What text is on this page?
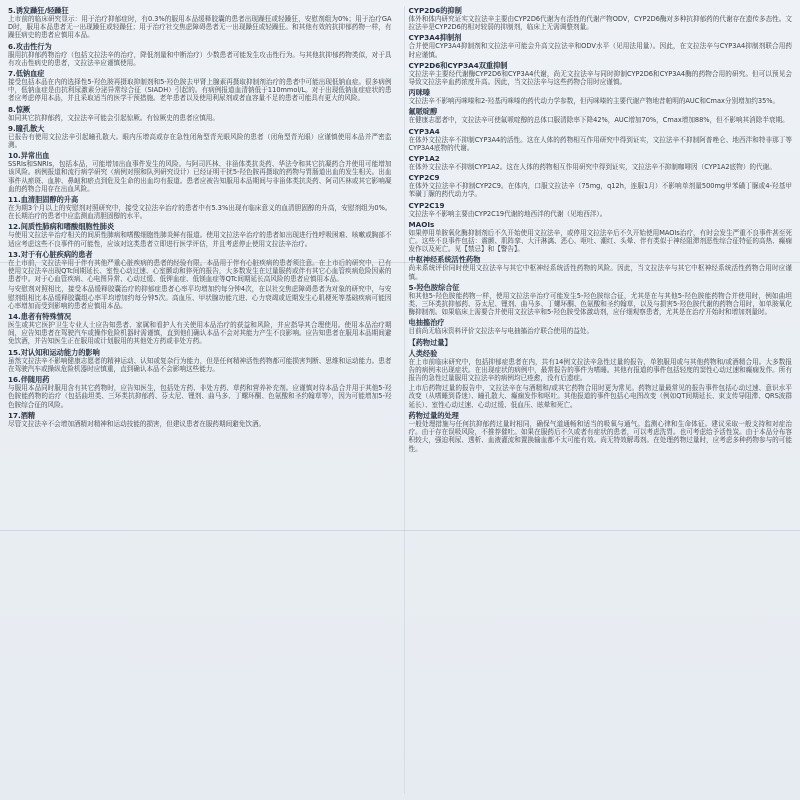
5.诱发躁狂/轻躁狂

上市前的临床研究显示：用于治疗抑郁症时，有0.3%的服用本品缓释胶囊的患者出现躁狂或轻躁狂，安慰剂组为0%；用于治疗GAD时，服用本品患者无一出现躁狂或轻躁狂；用于治疗社交焦虑障碍患者无一出现躁狂或轻躁狂。和其他有效的抗抑郁药物一样，有躁狂病史的患者应慎用本品。

6.攻击性行为

服用抗抑郁药物治疗（包括文拉法辛的治疗，降低剂量和中断治疗）少数患者可能发生攻击性行为。与其他抗抑郁药物类似，对于具有攻击性病史的患者，文拉法辛应谨慎使用。

7.低钠血症

接受包括本品在内的选择性5-羟色胺再摄取抑制剂和5-羟色胺去甲肾上腺素再摄取抑制剂治疗的患者中可能出现低钠血症。很多病例中，低钠血症是由抗利尿激素分泌异常综合征（SIADH）引起的。有病例报道血清钠低于110mmol/L。对于出现低钠血症症状的患者应考虑停用本品，并且采取适当的医学干预措施。老年患者以及使用利尿剂或者血容量不足的患者可能具有更大的风险。

8.惊厥

如同其它抗抑郁药，文拉法辛可能会引起惊厥。有惊厥史的患者应慎用。

9.瞳孔散大

已报告有使用文拉法辛引起瞳孔散大。眼内压增高或存在急性闭角型青光眼风险的患者（闭角型青光眼）应谨慎使用本品并严密监测。

10.异常出血

SSRIs和SNRIs，包括本品，可能增加出血事件发生的风险。与阿司匹林、非甾体类抗炎药、华法令和其它抗凝药合并使用可能增加该风险。病例报道和流行病学研究（病例对照和队列研究设计）已经证明干扰5-羟色胺再摄取的药物与胃肠道出血的发生相关。出血事件从瘀斑、血肿、鼻衄和瘀点到危及生命的出血均有报道。患者应被告知服用本品期间与非甾体类抗炎药、阿司匹林或其它影响凝血的药物合用存在出血风险。

11.血清胆固醇的升高

在为期3个月以上的安慰剂对照研究中，接受文拉法辛治疗的患者中有5.3%出现有临床意义的血清胆固醇的升高，安慰剂组为0%。在长期治疗的患者中应监测血清胆固醇的水平。

12.间质性肺病和嗜酸细胞性肺炎

与使用文拉法辛治疗相关的间质性肺病和嗜酸细胞性肺炎鲜有报道。使用文拉法辛治疗的患者如出现进行性呼吸困难、咳嗽或胸部不适应考虑这些不良事件的可能性，应该对这类患者立即进行医学评估，并且考虑停止使用文拉法辛治疗。

13.对于有心脏疾病的患者

在上市前，文拉法辛用于伴有其他严重心脏疾病的患者的经验有限。本品用于伴有心脏疾病的患者须注意。在上市后的研究中，已有使用文拉法辛出现QTc间期延长、室性心动过速、心室颤动和猝死的报告，大多数发生在过量服药或伴有其它心血管疾病危险因素的患者中。对于心血管疾病、心电图异常、心动过缓、低钾血症、低镁血症等QTc间期延长高风险的患者应慎用本品。

与安慰剂对照相比，接受本品缓释胶囊治疗的抑郁症患者心率平均增加约每分钟4次，在以社交焦虑障碍患者为对象的研究中，与安慰剂组相比本品缓释胶囊组心率平均增加约每分钟5次。高血压、甲状腺功能亢进、心力衰竭或近期发生心肌梗死等基础疾病可能因心率增加而受到影响的患者应慎用本品。

14.患者有特殊情况

医生或其它医护卫生专业人士应告知患者、家属和看护人有关使用本品治疗的获益和风险，并应指导其合理使用。使用本品治疗期间，应告知患者在驾驶汽车或操作危险机器时需谨慎，直到他们确认本品不会对其能力产生不良影响。应告知患者在服用本品期间避免饮酒，并告知医生正在服用或计划服用的其他处方药或非处方药。

15.对认知和运动能力的影响

虽然文拉法辛不影响健康志愿者的精神运动、认知或复杂行为能力，但是任何精神活性药物都可能损害判断、思维和运动能力。患者在驾驶汽车或操纵危险机器时应慎重，直到确认本品不会影响这些能力。

16.伴随用药

与服用本品同时服用含有其它药物时，应告知医生，包括处方药、非处方药、草药和营养补充剂。应谨慎对待本品合并用于其他5-羟色胺能药物的治疗（包括曲坦类、三环类抗抑郁药、芬太尼、锂剂、曲马多、丁螺环酮、色氨酸和圣约翰草等），因为可能增加5-羟色胺综合征的风险。

17.酒精

尽管文拉法辛不会增加酒精对精神和运动技能的损害，但建议患者在服药期间避免饮酒。

CYP2D6的抑制

体外和体内研究证实文拉法辛主要由CYP2D6代谢为有活性的代谢产物ODV，CYP2D6酶对多种抗抑郁药的代谢存在遗传多态性。文拉法辛是CYP2D6的相对较弱的抑制剂，临床上无需调整剂量。

CYP3A4抑制剂

合并使用CYP3A4抑制剂和文拉法辛可能会升高文拉法辛和ODV水平（见用法用量）。因此，在文拉法辛与CYP3A4抑制剂联合用药时应谨慎。

CYP2D6和CYP3A4双重抑制

文拉法辛主要经代谢酶CYP2D6和CYP3A4代谢，尚无文拉法辛与同时抑制CYP2D6和CYP3A4酶的药物合用的研究。但可以预见会导致文拉法辛血药浓度升高。因此，当文拉法辛与这些药物合用时应谨慎。

丙咪嗪

文拉法辛不影响丙咪嗪和2-羟基丙咪嗪的药代动力学参数，但丙咪嗪的主要代谢产物地昔帕明的AUC和Cmax分别增加约35%。

氟哌啶醇

在健康志愿者中，文拉法辛可使氟哌啶醇的总体口服清除率下降42%，AUC增加70%，Cmax增加88%，但不影响其消除半衰期。

CYP3A4

在体外文拉法辛不抑制CYP3A4的活性。这在人体的药物相互作用研究中得到证实，文拉法辛不抑制阿普唑仑、地西泮和特非那丁等CYP3A4底物的代谢。

CYP1A2

在体外文拉法辛不抑制CYP1A2。这在人体的药物相互作用研究中得到证实，文拉法辛不抑制咖啡因（CYP1A2底物）的代谢。

CYP2C9

在体外文拉法辛不抑制CYP2C9。在体内，口服文拉法辛（75mg，q12h，连服1月）不影响单剂量500mg甲苯磺丁脲或4-羟基甲苯磺丁脲的药代动力学。

CYP2C19

文拉法辛不影响主要由CYP2C19代谢的地西泮的代谢（见地西泮）。

MAOIs

如果停用单胺氧化酶抑制剂后不久开始使用文拉法辛，或停用文拉法辛后不久开始使用MAOIs治疗，有时会发生严重不良事件甚至死亡。这些不良事件包括：震颤、肌阵挛、大汗淋漓、恶心、呕吐、潮红、头晕、伴有类似于神经阻滞剂恶性综合征特征的高热、癫痫发作以及死亡。见【禁忌】和【警告】。

中枢神经系统活性药物

尚未系统评价同时使用文拉法辛与其它中枢神经系统活性药物的风险。因此，当文拉法辛与其它中枢神经系统活性药物合用时应谨慎。

5-羟色胺综合征

和其他5-羟色胺能药物一样，使用文拉法辛治疗可能发生5-羟色胺综合征，尤其是在与其他5-羟色胺能药物合并使用时，例如曲坦类、三环类抗抑郁药、芬太尼、锂剂、曲马多、丁螺环酮、色氨酸和圣约翰草，以及与损害5-羟色胺代谢的药物合用时，如单胺氧化酶抑制剂。如果临床上需要合并使用文拉法辛和5-羟色胺受体激动剂，应仔细观察患者，尤其是在治疗开始时和增加剂量时。

电抽搐治疗

目前尚无临床资料评价文拉法辛与电抽搐治疗联合使用的益处。

【药物过量】

人类经验

在上市前临床研究中，包括抑郁症患者在内，共有14例文拉法辛急性过量的报告，单独服用或与其他药物和/或酒精合用。大多数报告的病例未出现症状。在出现症状的病例中，最常报告的事件为嗜睡。其他有报道的事件包括轻度的窦性心动过速和癫痫发作。所有报告的急性过量服用文拉法辛的病例均已痊愈，没有后遗症。

上市后药物过量的报告中，文拉法辛在与酒精和/或其它药物合用时更为常见。药物过量最常见的报告事件包括心动过速、意识水平改变（从嗜睡到昏迷）、瞳孔散大、癫痫发作和呕吐。其他报道的事件包括心电图改变（例如QT间期延长、束支传导阻滞、QRS波群延长）、室性心动过速、心动过缓、低血压、眩晕和死亡。

药物过量的处理

一般处理措施与任何抗抑郁药过量时相同，确保气道通畅和适当的吸氧与通气。监测心律和生命体征。建议采取一般支持和对症治疗。由于存在误吸风险，不推荐催吐。如果在服药后不久或者有症状的患者，可以考虑洗胃。也可考虑给予活性炭。由于本品分布容积较大，强迫利尿、透析、血液灌流和置换输血都不太可能有效。尚无特效解毒剂。在处理药物过量时，应考虑多种药物参与的可能性。
